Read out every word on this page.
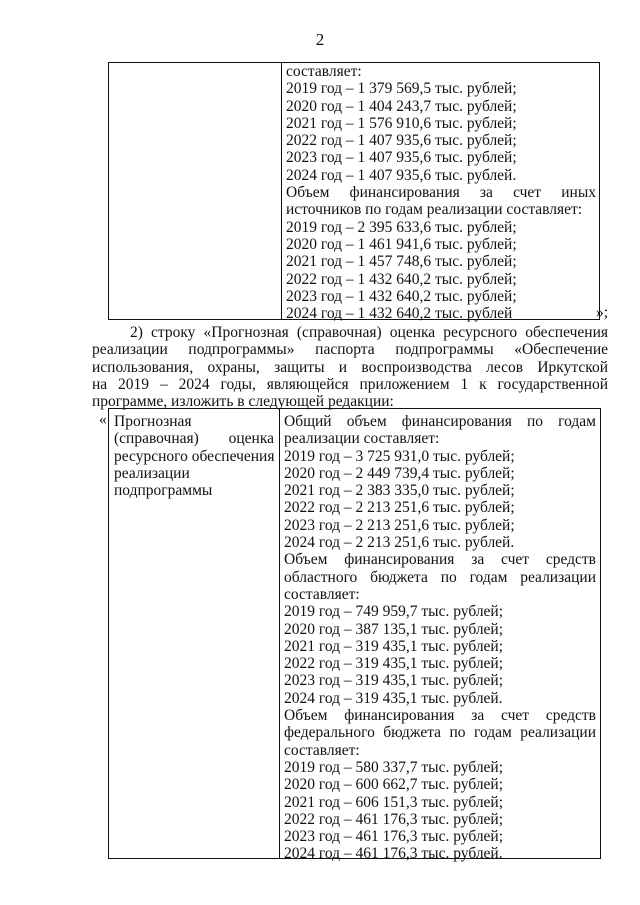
2
составляет:
2019 год – 1 379 569,5 тыс. рублей;
2020 год – 1 404 243,7 тыс. рублей;
2021 год – 1 576 910,6 тыс. рублей;
2022 год – 1 407 935,6 тыс. рублей;
2023 год – 1 407 935,6 тыс. рублей;
2024 год – 1 407 935,6 тыс. рублей.
Объем финансирования за счет иных
источников по годам реализации составляет:
2019 год – 2 395 633,6 тыс. рублей;
2020 год – 1 461 941,6 тыс. рублей;
2021 год – 1 457 748,6 тыс. рублей;
2022 год – 1 432 640,2 тыс. рублей;
2023 год – 1 432 640,2 тыс. рублей;
2024 год – 1 432 640,2 тыс. рублей	»;
2) строку «Прогнозная (справочная) оценка ресурсного обеспечения
реализации подпрограммы» паспорта подпрограммы «Обеспечение
использования, охраны, защиты и воспроизводства лесов Иркутской
на 2019 – 2024 годы, являющейся приложением 1 к государственной
программе, изложить в следующей редакции:
« Прогнозная
(справочная) оценка
ресурсного обеспечения
реализации
подпрограммы
Общий объем финансирования по годам
реализации составляет:
2019 год – 3 725 931,0 тыс. рублей;
2020 год – 2 449 739,4 тыс. рублей;
2021 год – 2 383 335,0 тыс. рублей;
2022 год – 2 213 251,6 тыс. рублей;
2023 год – 2 213 251,6 тыс. рублей;
2024 год – 2 213 251,6 тыс. рублей.
Объем финансирования за счет средств
областного бюджета по годам реализации
составляет:
2019 год – 749 959,7 тыс. рублей;
2020 год – 387 135,1 тыс. рублей;
2021 год – 319 435,1 тыс. рублей;
2022 год – 319 435,1 тыс. рублей;
2023 год – 319 435,1 тыс. рублей;
2024 год – 319 435,1 тыс. рублей.
Объем финансирования за счет средств
федерального бюджета по годам реализации
составляет:
2019 год – 580 337,7 тыс. рублей;
2020 год – 600 662,7 тыс. рублей;
2021 год – 606 151,3 тыс. рублей;
2022 год – 461 176,3 тыс. рублей;
2023 год – 461 176,3 тыс. рублей;
2024 год – 461 176,3 тыс. рублей.
